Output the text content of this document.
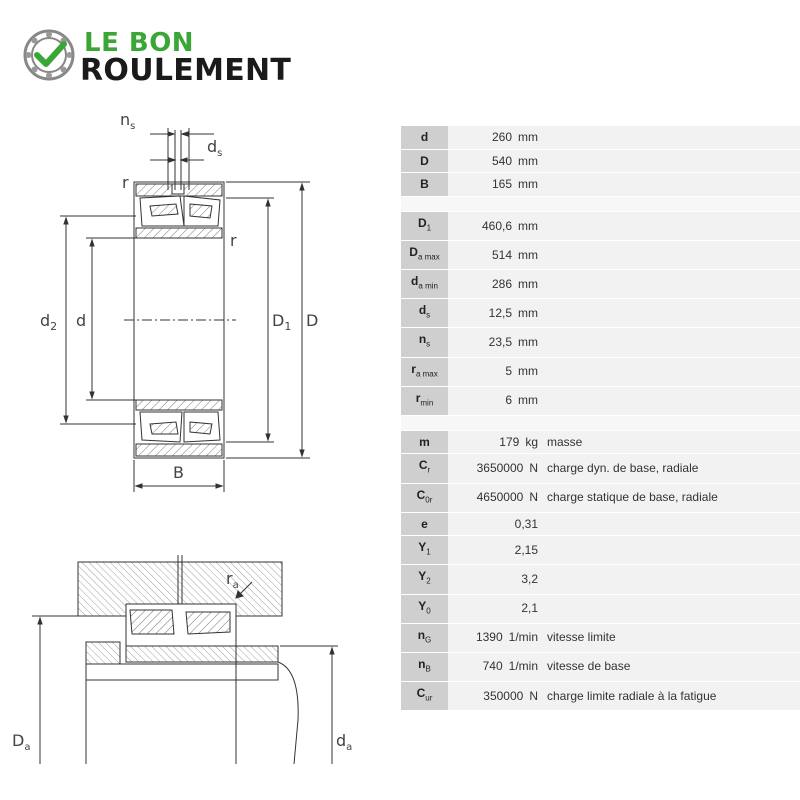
LE BON
ROULEMENT
$n_s$
$d_s$
r
r
$d_2$ d	$D_1$ D
B
$r_a$
$D_a$	$d_a$
d	260 mm	
D	540 mm	
B	165 mm	

$D_1$	460,6 mm	
$D_{a max}$	514 mm	
$d_{a min}$	286 mm	
$d_s$	12,5 mm	
$n_s$	23,5 mm	
$r_{a max}$	5 mm	
$r_{min}$	6 mm	

m	179 kg	masse
$C_r$	3650000 N	charge dyn. de base, radiale
$C_{0r}$	4650000 N	charge statique de base, radiale
e	0,31	
$Y_1$	2,15	
$Y_2$	3,2	
$Y_0$	2,1	
$n_G$	1390 1/min	vitesse limite
$n_B$	740 1/min	vitesse de base
$C_{ur}$	350000 N	charge limite radiale à la fatigue
